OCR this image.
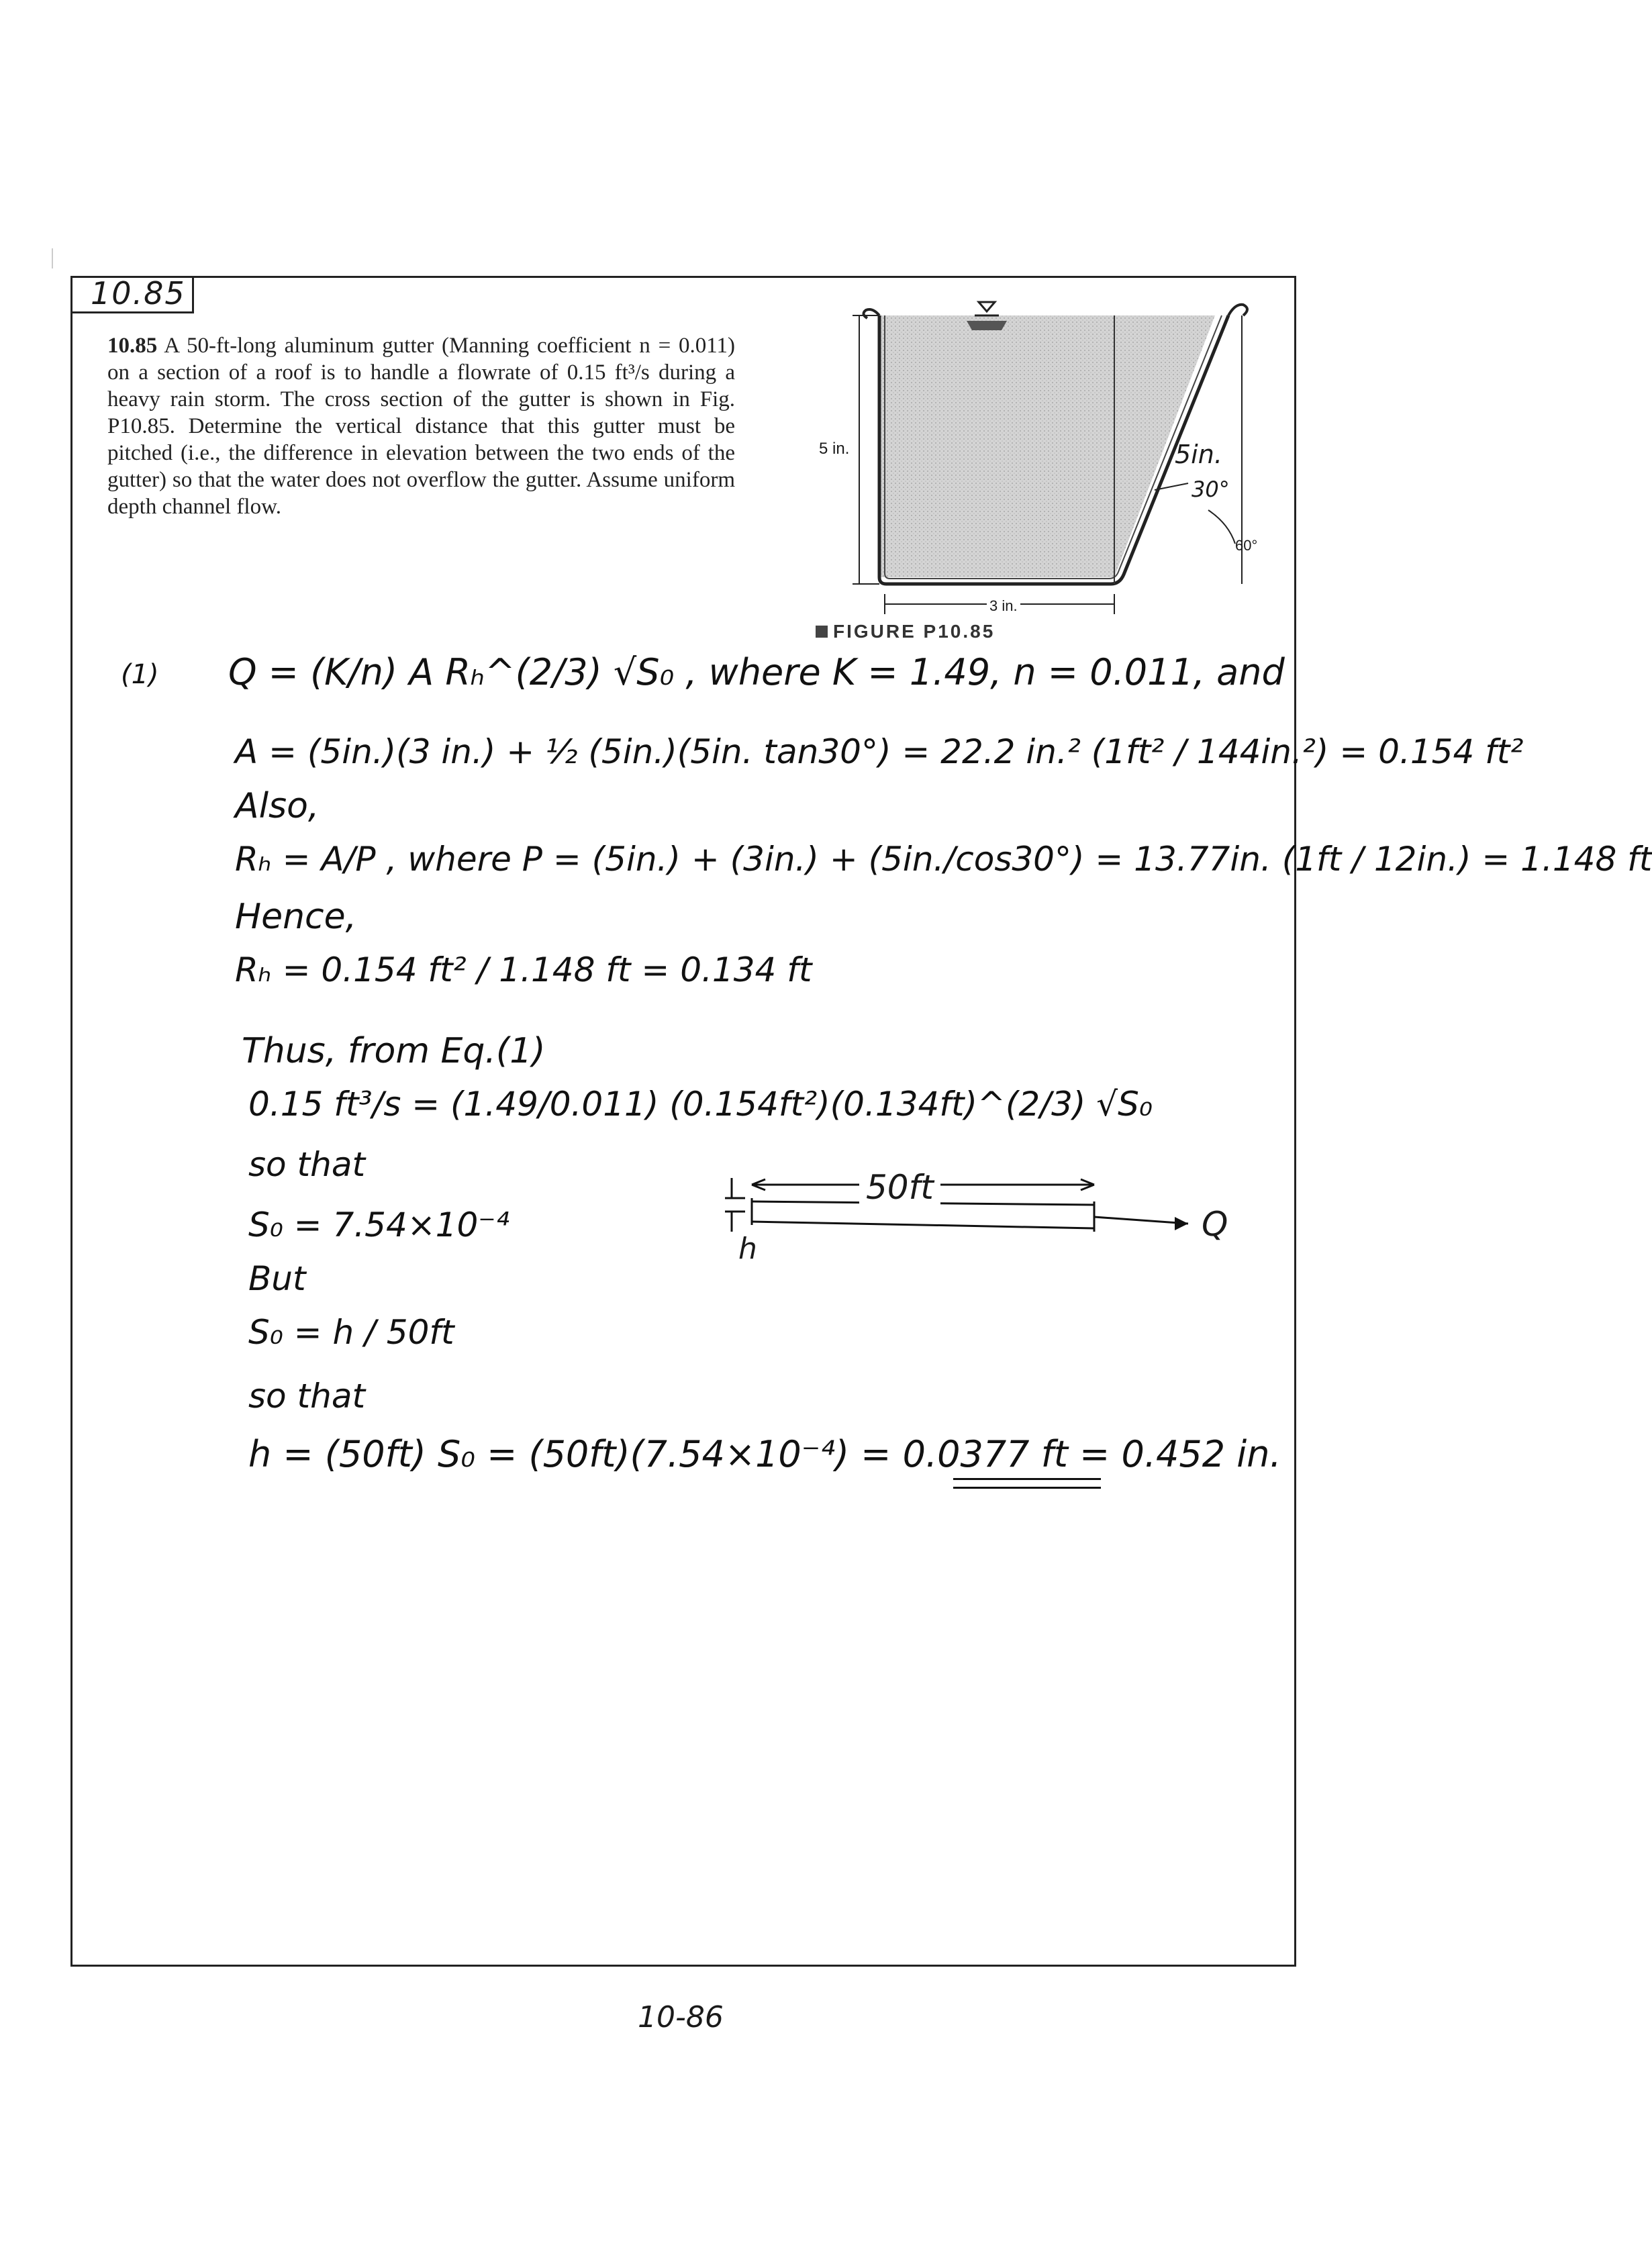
10.85
10.85 A 50-ft-long aluminum gutter (Manning coefficient n = 0.011) on a section of a roof is to handle a flowrate of 0.15 ft³/s during a heavy rain storm. The cross section of the gutter is shown in Fig. P10.85. Determine the vertical distance that this gutter must be pitched (i.e., the difference in elevation between the two ends of the gutter) so that the water does not overflow the gutter. Assume uniform depth channel flow.
5 in.
3 in.
5in.
30°
60°
FIGURE P10.85
(1) Q = (K/n) A Rₕ^(2/3) √S₀ , where K = 1.49, n = 0.011, and
A = (5in.)(3 in.) + ½ (5in.)(5in. tan30°) = 22.2 in.² (1ft² / 144in.²) = 0.154 ft²
Also,
Rₕ = A/P , where P = (5in.) + (3in.) + (5in./cos30°) = 13.77in. (1ft / 12in.) = 1.148 ft
Hence,
Rₕ = 0.154 ft² / 1.148 ft = 0.134 ft
Thus, from Eq.(1)
0.15 ft³/s = (1.49/0.011) (0.154ft²)(0.134ft)^(2/3) √S₀
so that
S₀ = 7.54×10⁻⁴
But
S₀ = h / 50ft
so that
h = (50ft) S₀ = (50ft)(7.54×10⁻⁴) = 0.0377 ft = 0.452 in.
50ft
h
Q
10-86
